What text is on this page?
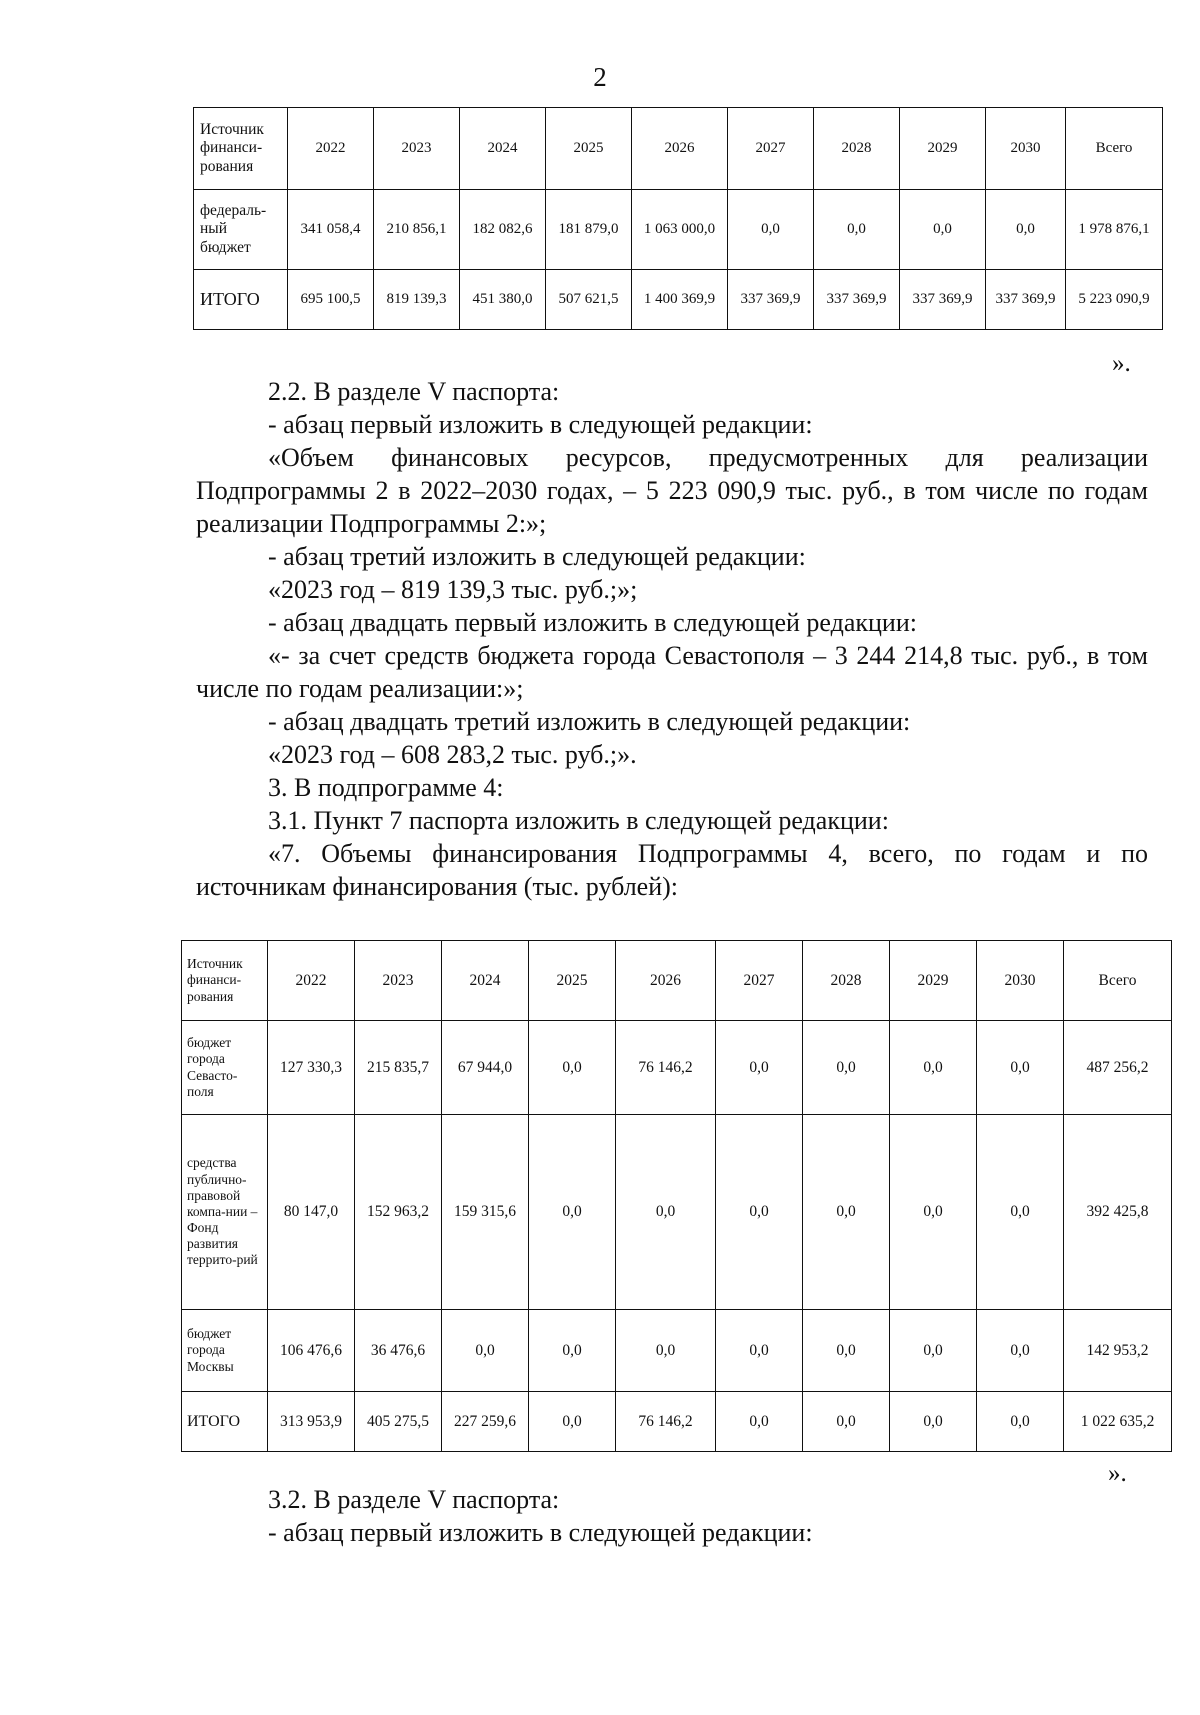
2
Источник финанси-рования	2022	2023	2024	2025	2026	2027	2028	2029	2030	Всего
федераль-ный бюджет	341 058,4	210 856,1	182 082,6	181 879,0	1 063 000,0	0,0	0,0	0,0	0,0	1 978 876,1
ИТОГО	695 100,5	819 139,3	451 380,0	507 621,5	1 400 369,9	337 369,9	337 369,9	337 369,9	337 369,9	5 223 090,9
».
2.2. В разделе V паспорта:
- абзац первый изложить в следующей редакции:
«Объем финансовых ресурсов, предусмотренных для реализации Подпрограммы 2 в 2022–2030 годах, – 5 223 090,9 тыс. руб., в том числе по годам реализации Подпрограммы 2:»;
- абзац третий изложить в следующей редакции:
«2023 год – 819 139,3 тыс. руб.;»;
- абзац двадцать первый изложить в следующей редакции:
«- за счет средств бюджета города Севастополя – 3 244 214,8 тыс. руб., в том числе по годам реализации:»;
- абзац двадцать третий изложить в следующей редакции:
«2023 год – 608 283,2 тыс. руб.;».
3. В подпрограмме 4:
3.1. Пункт 7 паспорта изложить в следующей редакции:
«7. Объемы финансирования Подпрограммы 4, всего, по годам и по источникам финансирования (тыс. рублей):
Источник финанси-рования	2022	2023	2024	2025	2026	2027	2028	2029	2030	Всего
бюджет города Севасто-поля	127 330,3	215 835,7	67 944,0	0,0	76 146,2	0,0	0,0	0,0	0,0	487 256,2
средства публично-правовой компа-нии – Фонд развития террито-рий	80 147,0	152 963,2	159 315,6	0,0	0,0	0,0	0,0	0,0	0,0	392 425,8
бюджет города Москвы	106 476,6	36 476,6	0,0	0,0	0,0	0,0	0,0	0,0	0,0	142 953,2
ИТОГО	313 953,9	405 275,5	227 259,6	0,0	76 146,2	0,0	0,0	0,0	0,0	1 022 635,2
».
3.2. В разделе V паспорта:
- абзац первый изложить в следующей редакции:
